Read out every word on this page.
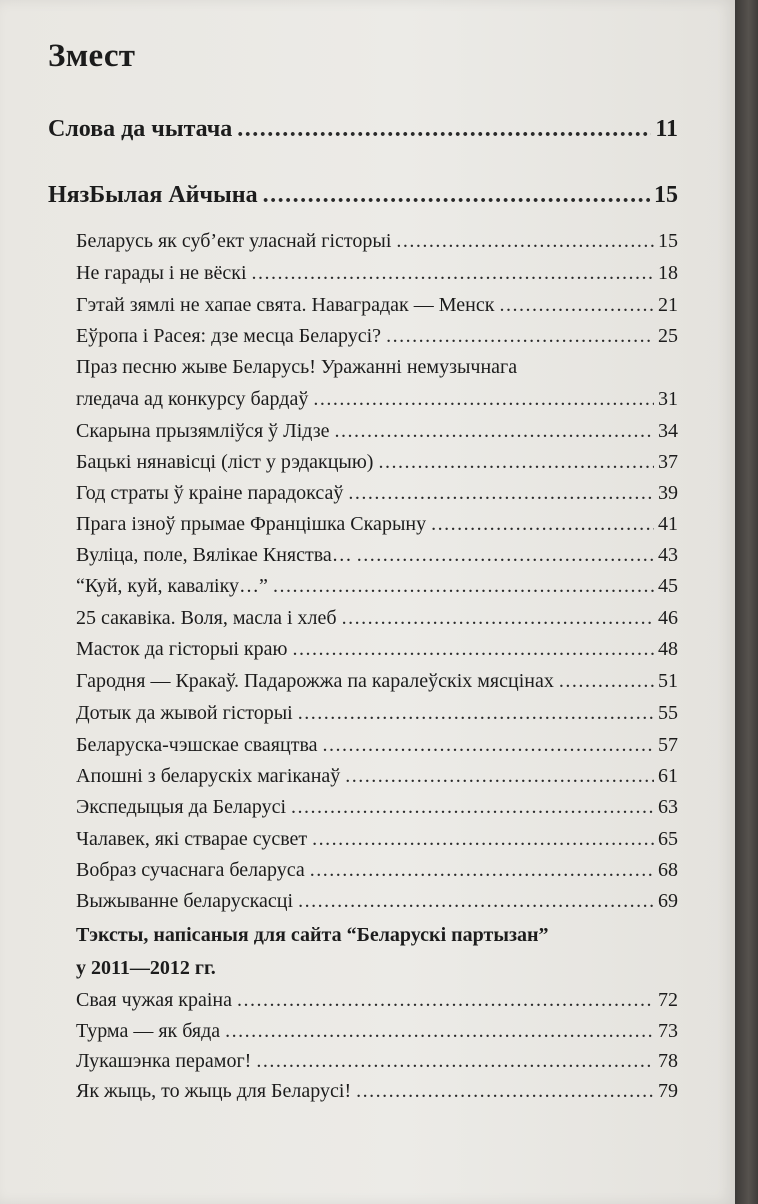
Змест
Слова да чытача .....	11
НязБылая Айчына .....	15
Беларусь як суб’ект уласнай гісторыі .....	15
Не гарады і не вёскі .....	18
Гэтай зямлі не хапае свята. Наваградак — Менск .....	21
Еўропа і Расея: дзе месца Беларусі? .....	25
Праз песню жыве Беларусь! Уражанні немузычнага
гледача ад конкурсу бардаў .....	31
Скарына прызямліўся ў Лідзе .....	34
Бацькі нянавісці (ліст у рэдакцыю) .....	37
Год страты ў краіне парадоксаў .....	39
Прага ізноў прымае Францішка Скарыну .....	41
Вуліца, поле, Вялікае Княства… .....	43
“Куй, куй, каваліку…” .....	45
25 сакавіка. Воля, масла і хлеб .....	46
Масток да гісторыі краю .....	48
Гародня — Кракаў. Падарожжа па каралеўскіх мясцінах .....	51
Дотык да жывой гісторыі .....	55
Беларуска-чэшскае сваяцтва .....	57
Апошні з беларускіх магіканаў .....	61
Экспедыцыя да Беларусі .....	63
Чалавек, які стварае сусвет .....	65
Вобраз сучаснага беларуса .....	68
Выжыванне беларускасці .....	69
Тэксты, напісаныя для сайта “Беларускі партызан”
у 2011—2012 гг.
Свая чужая краіна .....	72
Турма — як бяда .....	73
Лукашэнка перамог! .....	78
Як жыць, то жыць для Беларусі! .....	79
